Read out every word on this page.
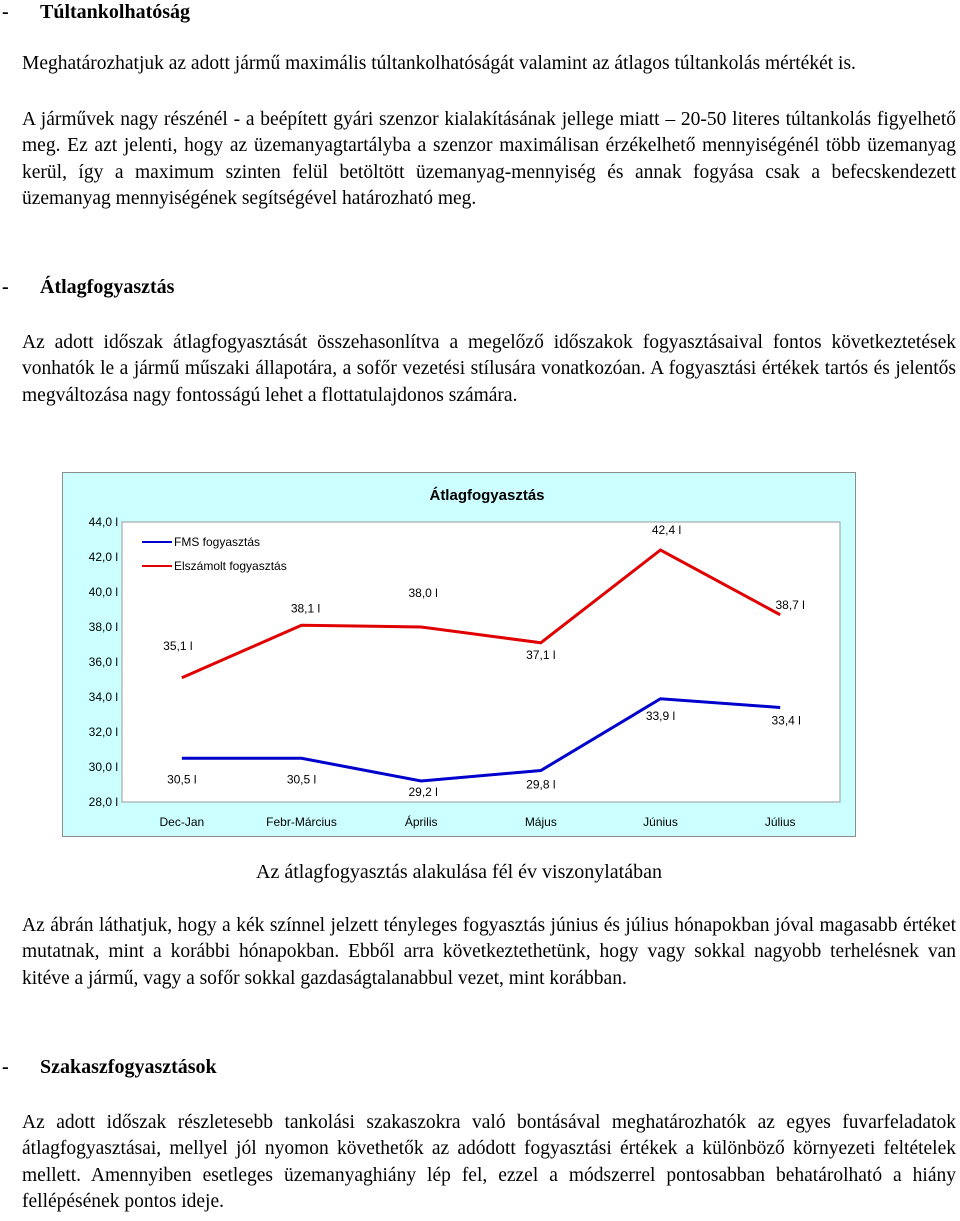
- Túltankolhatóság
Meghatározhatjuk az adott jármű maximális túltankolhatóságát valamint az átlagos túltankolás mértékét is.
A járművek nagy részénél - a beépített gyári szenzor kialakításának jellege miatt – 20-50 literes túltankolás figyelhető meg. Ez azt jelenti, hogy az üzemanyagtartályba a szenzor maximálisan érzékelhető mennyiségénél több üzemanyag kerül, így a maximum szinten felül betöltött üzemanyag-mennyiség és annak fogyása csak a befecskendezett üzemanyag mennyiségének segítségével határozható meg.
- Átlagfogyasztás
Az adott időszak átlagfogyasztását összehasonlítva a megelőző időszakok fogyasztásaival fontos következtetések vonhatók le a jármű műszaki állapotára, a sofőr vezetési stílusára vonatkozóan. A fogyasztási értékek tartós és jelentős megváltozása nagy fontosságú lehet a flottatulajdonos számára.
Átlagfogyasztás
44,0 l
42,0 l
40,0 l
38,0 l
36,0 l
34,0 l
32,0 l
30,0 l
28,0 l
Dec-Jan	Febr-Március	Április	Május	Június	Július
30,5 l	30,5 l
29,2 l
29,8 l
33,9 l	33,4 l
35,1 l
38,1 l
38,0 l
37,1 l
42,4 l
38,7 l
FMS fogyasztás
Elszámolt fogyasztás
Az átlagfogyasztás alakulása fél év viszonylatában
Az ábrán láthatjuk, hogy a kék színnel jelzett tényleges fogyasztás június és július hónapokban jóval magasabb értéket mutatnak, mint a korábbi hónapokban. Ebből arra következtethetünk, hogy vagy sokkal nagyobb terhelésnek van kitéve a jármű, vagy a sofőr sokkal gazdaságtalanabbul vezet, mint korábban.
- Szakaszfogyasztások
Az adott időszak részletesebb tankolási szakaszokra való bontásával meghatározhatók az egyes fuvarfeladatok átlagfogyasztásai, mellyel jól nyomon követhetők az adódott fogyasztási értékek a különböző környezeti feltételek mellett. Amennyiben esetleges üzemanyaghiány lép fel, ezzel a módszerrel pontosabban behatárolható a hiány fellépésének pontos ideje.
